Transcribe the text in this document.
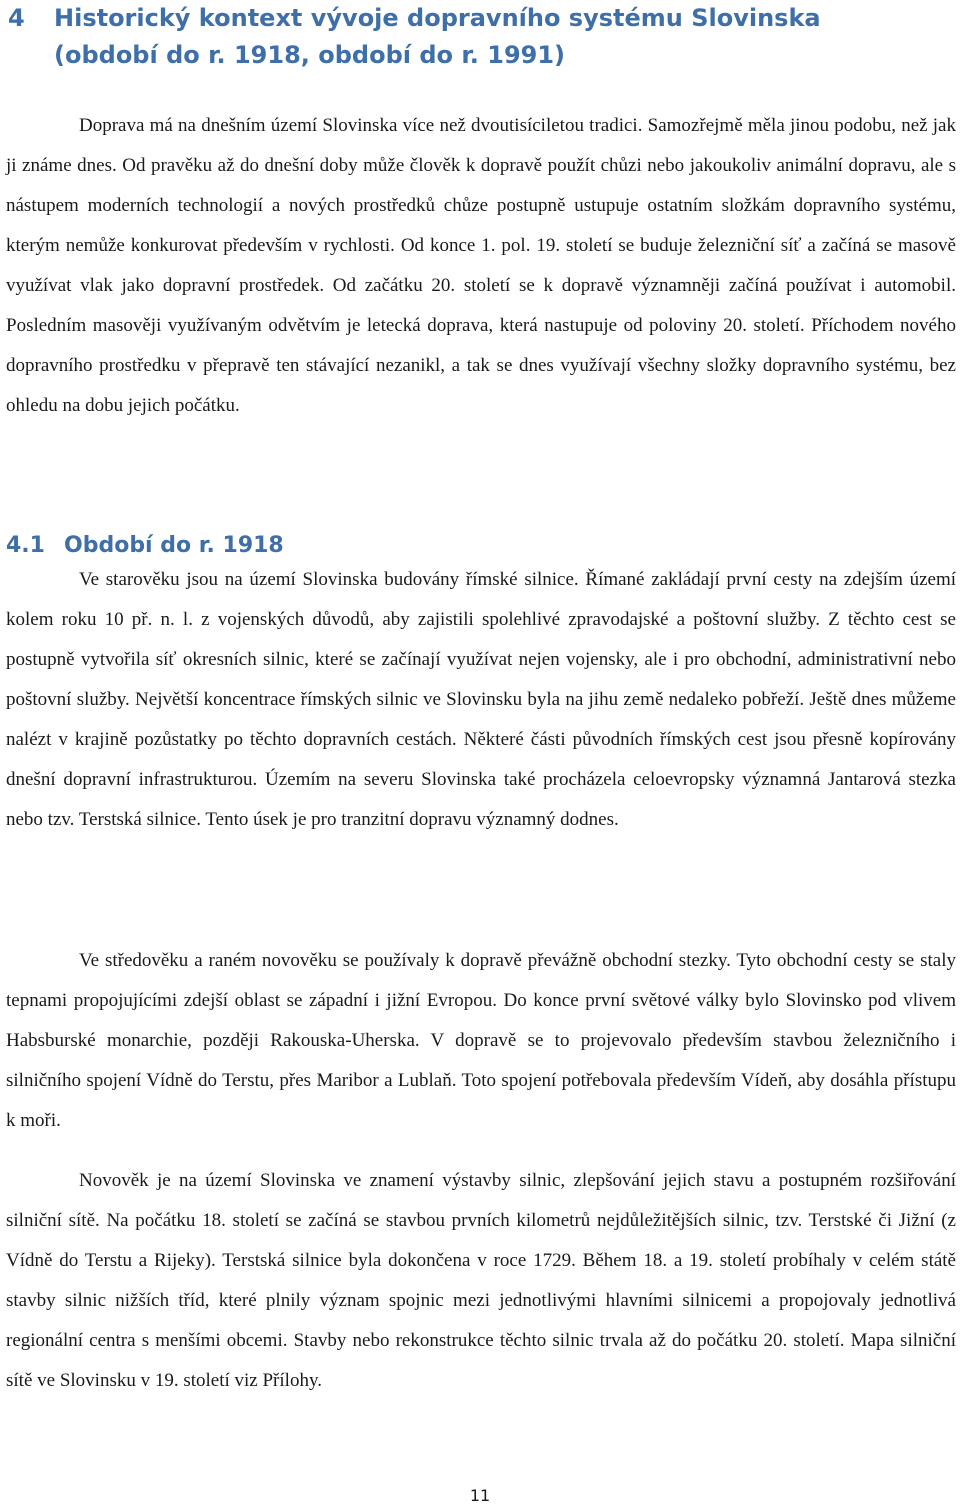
4 Historický kontext vývoje dopravního systému Slovinska
(období do r. 1918, období do r. 1991)

Doprava má na dnešním území Slovinska více než dvoutisíciletou tradici. Samozřejmě měla jinou podobu, než jak ji známe dnes. Od pravěku až do dnešní doby může člověk k dopravě použít chůzi nebo jakoukoliv animální dopravu, ale s nástupem moderních technologií a nových prostředků chůze postupně ustupuje ostatním složkám dopravního systému, kterým nemůže konkurovat především v rychlosti. Od konce 1. pol. 19. století se buduje železniční síť a začíná se masově využívat vlak jako dopravní prostředek. Od začátku 20. století se k dopravě významněji začíná používat i automobil. Posledním masověji využívaným odvětvím je letecká doprava, která nastupuje od poloviny 20. století. Příchodem nového dopravního prostředku v přepravě ten stávající nezanikl, a tak se dnes využívají všechny složky dopravního systému, bez ohledu na dobu jejich počátku.

4.1 Období do r. 1918

Ve starověku jsou na území Slovinska budovány římské silnice. Římané zakládají první cesty na zdejším území kolem roku 10 př. n. l. z vojenských důvodů, aby zajistili spolehlivé zpravodajské a poštovní služby. Z těchto cest se postupně vytvořila síť okresních silnic, které se začínají využívat nejen vojensky, ale i pro obchodní, administrativní nebo poštovní služby. Největší koncentrace římských silnic ve Slovinsku byla na jihu země nedaleko pobřeží. Ještě dnes můžeme nalézt v krajině pozůstatky po těchto dopravních cestách. Některé části původních římských cest jsou přesně kopírovány dnešní dopravní infrastrukturou. Územím na severu Slovinska také procházela celoevropsky významná Jantarová stezka nebo tzv. Terstská silnice. Tento úsek je pro tranzitní dopravu významný dodnes.

Ve středověku a raném novověku se používaly k dopravě převážně obchodní stezky. Tyto obchodní cesty se staly tepnami propojujícími zdejší oblast se západní i jižní Evropou. Do konce první světové války bylo Slovinsko pod vlivem Habsburské monarchie, později Rakouska-Uherska. V dopravě se to projevovalo především stavbou železničního i silničního spojení Vídně do Terstu, přes Maribor a Lublaň. Toto spojení potřebovala především Vídeň, aby dosáhla přístupu k moři.

Novověk je na území Slovinska ve znamení výstavby silnic, zlepšování jejich stavu a postupném rozšiřování silniční sítě. Na počátku 18. století se začíná se stavbou prvních kilometrů nejdůležitějších silnic, tzv. Terstské či Jižní (z Vídně do Terstu a Rijeky). Terstská silnice byla dokončena v roce 1729. Během 18. a 19. století probíhaly v celém státě stavby silnic nižších tříd, které plnily význam spojnic mezi jednotlivými hlavními silnicemi a propojovaly jednotlivá regionální centra s menšími obcemi. Stavby nebo rekonstrukce těchto silnic trvala až do počátku 20. století. Mapa silniční sítě ve Slovinsku v 19. století viz Přílohy.

11
